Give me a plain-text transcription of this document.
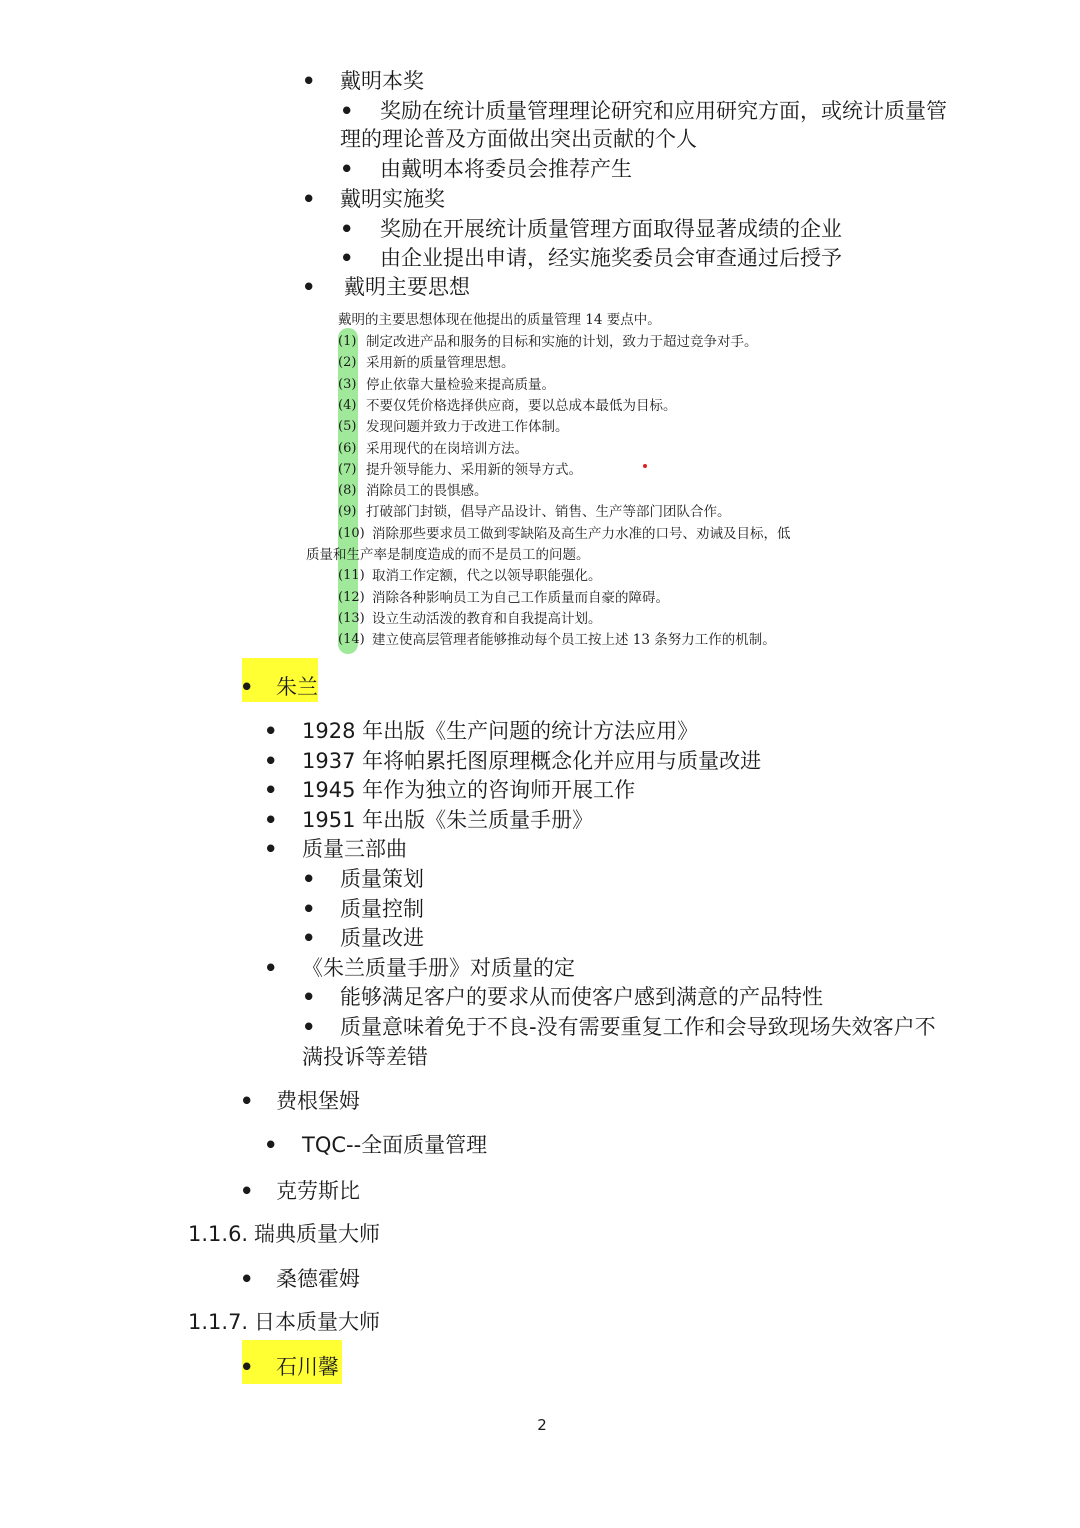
• 戴明本奖
• 奖励在统计质量管理理论研究和应用研究方面，或统计质量管
理的理论普及方面做出突出贡献的个人
• 由戴明本将委员会推荐产生
• 戴明实施奖
• 奖励在开展统计质量管理方面取得显著成绩的企业
• 由企业提出申请，经实施奖委员会审查通过后授予
• 戴明主要思想
戴明的主要思想体现在他提出的质量管理 14 要点中。
(1) 制定改进产品和服务的目标和实施的计划，致力于超过竞争对手。
(2) 采用新的质量管理思想。
(3) 停止依靠大量检验来提高质量。
(4) 不要仅凭价格选择供应商，要以总成本最低为目标。
(5) 发现问题并致力于改进工作体制。
(6) 采用现代的在岗培训方法。
(7) 提升领导能力、采用新的领导方式。
(8) 消除员工的畏惧感。
(9) 打破部门封锁，倡导产品设计、销售、生产等部门团队合作。
(10) 消除那些要求员工做到零缺陷及高生产力水准的口号、劝诫及目标，低
质量和生产率是制度造成的而不是员工的问题。
(11) 取消工作定额，代之以领导职能强化。
(12) 消除各种影响员工为自己工作质量而自豪的障碍。
(13) 设立生动活泼的教育和自我提高计划。
(14) 建立使高层管理者能够推动每个员工按上述 13 条努力工作的机制。
• 朱兰
• 1928 年出版《生产问题的统计方法应用》
• 1937 年将帕累托图原理概念化并应用与质量改进
• 1945 年作为独立的咨询师开展工作
• 1951 年出版《朱兰质量手册》
• 质量三部曲
• 质量策划
• 质量控制
• 质量改进
• 《朱兰质量手册》对质量的定
• 能够满足客户的要求从而使客户感到满意的产品特性
• 质量意味着免于不良-没有需要重复工作和会导致现场失效客户不
满投诉等差错
• 费根堡姆
• TQC--全面质量管理
• 克劳斯比
1.1.6. 瑞典质量大师
• 桑德霍姆
1.1.7. 日本质量大师
• 石川馨
2
